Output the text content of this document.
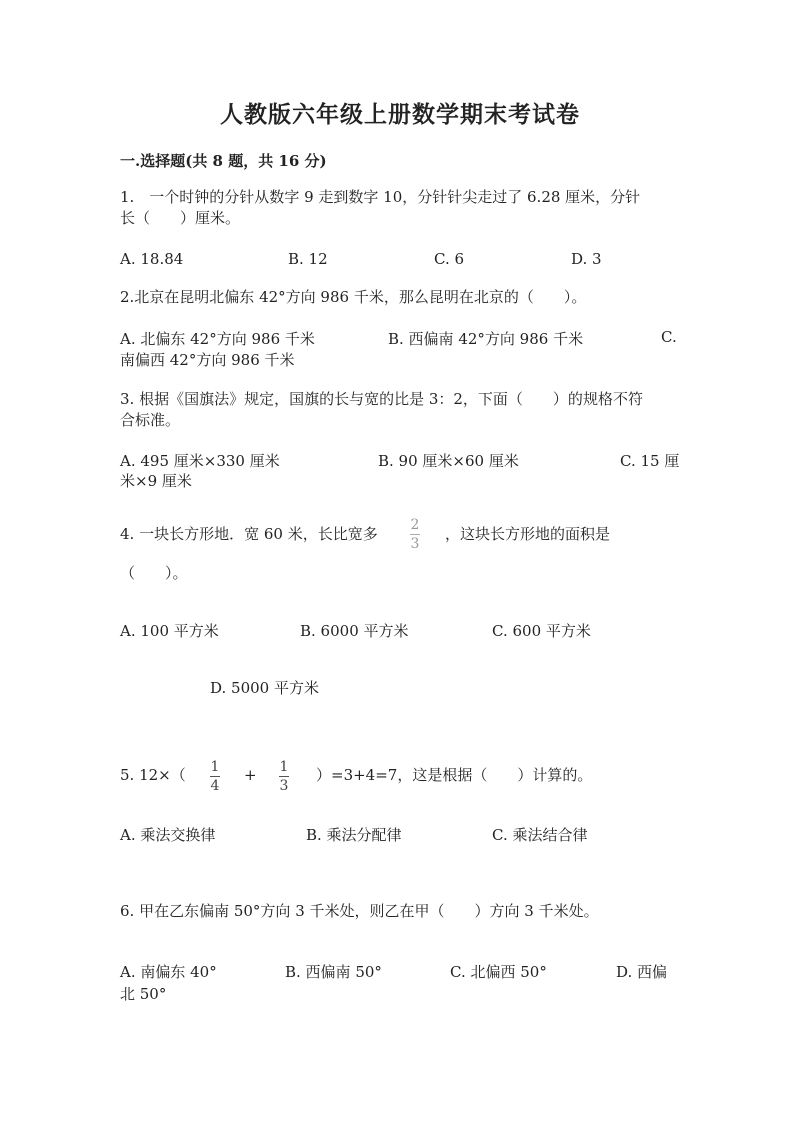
人教版六年级上册数学期末考试卷
一.选择题(共 8 题，共 16 分)
1.　一个时钟的分针从数字 9 走到数字 10，分针针尖走过了 6.28 厘米，分针
长（　　）厘米。
A. 18.84	B. 12	C. 6	D. 3
2.北京在昆明北偏东 42°方向 986 千米，那么昆明在北京的（　　）。
A. 北偏东 42°方向 986 千米	B. 西偏南 42°方向 986 千米	C.
南偏西 42°方向 986 千米
3. 根据《国旗法》规定，国旗的长与宽的比是 3：2，下面（　　）的规格不符
合标准。
A. 495 厘米×330 厘米	B. 90 厘米×60 厘米	C. 15 厘
米×9 厘米
4. 一块长方形地．宽 60 米，长比宽多 2
3
，这块长方形地的面积是
（　　）。
A. 100 平方米	B. 6000 平方米	C. 600 平方米
D. 5000 平方米
5. 12×（ 1
4
+ 1
3
）=3+4=7，这是根据（　　）计算的。
A. 乘法交换律	B. 乘法分配律	C. 乘法结合律
6. 甲在乙东偏南 50°方向 3 千米处，则乙在甲（　　）方向 3 千米处。
A. 南偏东 40°	B. 西偏南 50°	C. 北偏西 50°	D. 西偏
北 50°
